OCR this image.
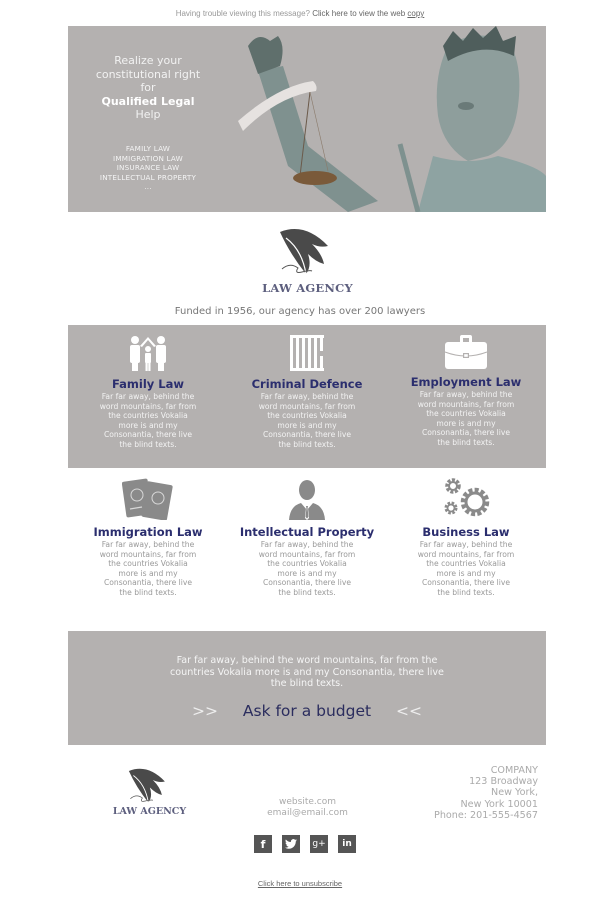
Having trouble viewing this message? Click here to view the web copy
Realize your
constitutional right
for
Qualified Legal
Help
FAMILY LAW
IMMIGRATION LAW
INSURANCE LAW
INTELLECTUAL PROPERTY
...
LAW AGENCY
Funded in 1956, our agency has over 200 lawyers
Family Law
Far far away, behind the
word mountains, far from
the countries Vokalia
more is and my
Consonantia, there live
the blind texts.
Criminal Defence
Far far away, behind the
word mountains, far from
the countries Vokalia
more is and my
Consonantia, there live
the blind texts.
Employment Law
Far far away, behind the
word mountains, far from
the countries Vokalia
more is and my
Consonantia, there live
the blind texts.
Immigration Law
Far far away, behind the
word mountains, far from
the countries Vokalia
more is and my
Consonantia, there live
the blind texts.
Intellectual Property
Far far away, behind the
word mountains, far from
the countries Vokalia
more is and my
Consonantia, there live
the blind texts.
Business Law
Far far away, behind the
word mountains, far from
the countries Vokalia
more is and my
Consonantia, there live
the blind texts.
Far far away, behind the word mountains, far from the countries Vokalia more is and my Consonantia, there live the blind texts.
>> Ask for a budget <<
LAW AGENCY
website.com
email@email.com
COMPANY
123 Broadway
New York,
New York 10001
Phone: 201-555-4567
f	g+	in
Click here to unsubscribe
